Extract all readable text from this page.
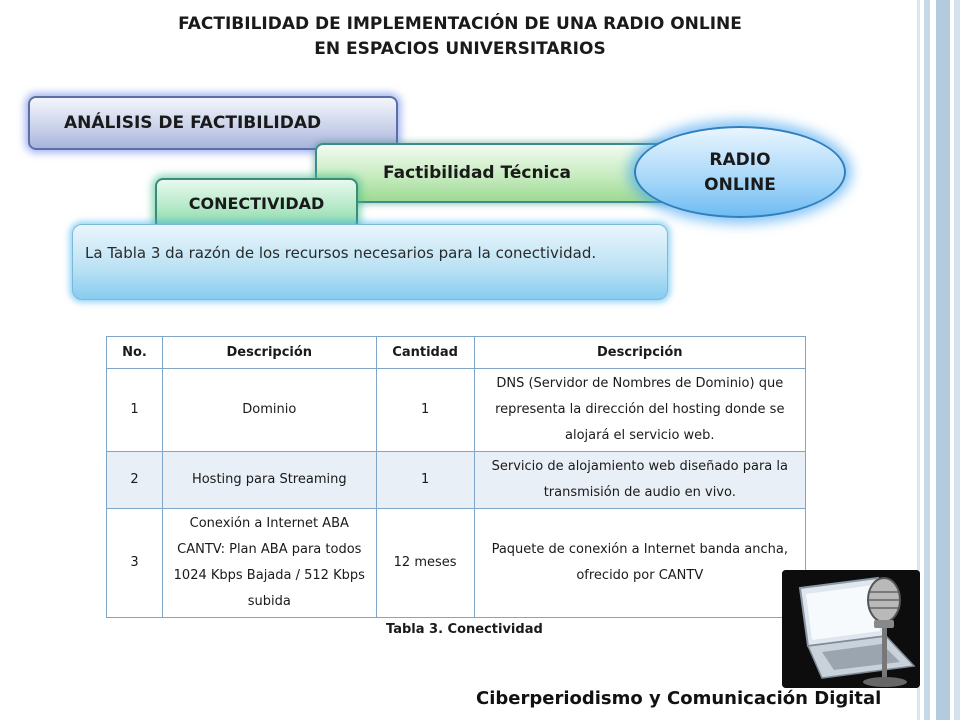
FACTIBILIDAD DE IMPLEMENTACIÓN DE UNA RADIO ONLINE
EN ESPACIOS UNIVERSITARIOS
ANÁLISIS DE FACTIBILIDAD
Factibilidad Técnica
RADIO
ONLINE
CONECTIVIDAD
La Tabla 3 da razón de los recursos necesarios para la conectividad.
No.	Descripción	Cantidad	Descripción
1	Dominio	1	DNS (Servidor de Nombres de Dominio) que representa la dirección del hosting donde se alojará el servicio web.
2	Hosting para Streaming	1	Servicio de alojamiento web diseñado para la transmisión de audio en vivo.
3	Conexión a Internet ABA CANTV: Plan ABA para todos 1024 Kbps Bajada / 512 Kbps subida	12 meses	Paquete de conexión a Internet banda ancha, ofrecido por CANTV
Tabla 3. Conectividad
Ciberperiodismo y Comunicación Digital
